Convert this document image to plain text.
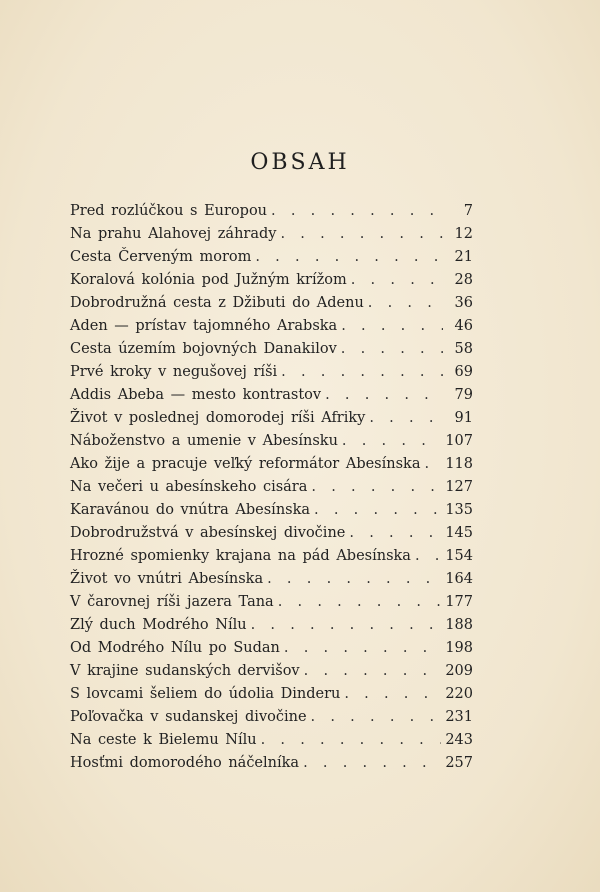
OBSAH
Pred rozlúčkou s Europou . . .	7
Na prahu Alahovej záhrady . . .	12
Cesta Červeným morom . . .	21
Koralová kolónia pod Južným krížom . . .	28
Dobrodružná cesta z Džibuti do Adenu . . .	36
Aden — prístav tajomného Arabska . . .	46
Cesta územím bojovných Danakilov . . .	58
Prvé kroky v negušovej ríši . . .	69
Addis Abeba — mesto kontrastov . . .	79
Život v poslednej domorodej ríši Afriky . . .	91
Náboženstvo a umenie v Abesínsku . . .	107
Ako žije a pracuje veľký reformátor Abesínska . . . 118
Na večeri u abesínskeho cisára . . .	127
Karavánou do vnútra Abesínska . . .	135
Dobrodružstvá v abesínskej divočine . . .	145
Hrozné spomienky krajana na pád Abesínska . . . 154
Život vo vnútri Abesínska . . .	164
V čarovnej ríši jazera Tana . . .	177
Zlý duch Modrého Nílu . . .	188
Od Modrého Nílu po Sudan . . .	198
V krajine sudanských dervišov . . .	209
S lovcami šeliem do údolia Dinderu . . .	220
Poľovačka v sudanskej divočine . . .	231
Na ceste k Bielemu Nílu . . .	243
Hosťmi domorodého náčelníka . . .	257
